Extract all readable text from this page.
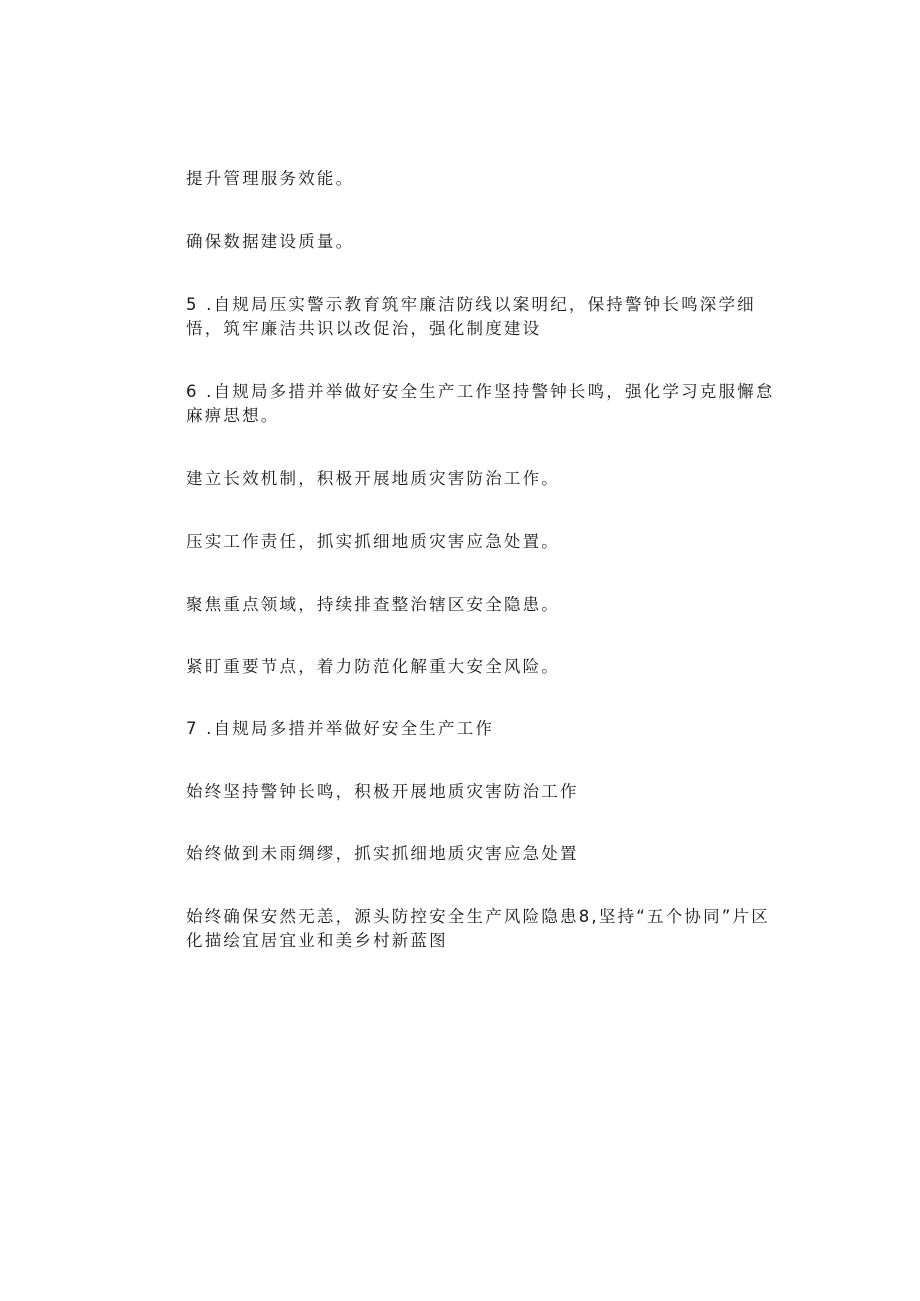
提升管理服务效能。

确保数据建设质量。

5 .自规局压实警示教育筑牢廉洁防线以案明纪，保持警钟长鸣深学细悟，筑牢廉洁共识以改促治，强化制度建设

6 .自规局多措并举做好安全生产工作坚持警钟长鸣，强化学习克服懈怠麻痹思想。

建立长效机制，积极开展地质灾害防治工作。

压实工作责任，抓实抓细地质灾害应急处置。

聚焦重点领域，持续排查整治辖区安全隐患。

紧盯重要节点，着力防范化解重大安全风险。

7 .自规局多措并举做好安全生产工作

始终坚持警钟长鸣，积极开展地质灾害防治工作

始终做到未雨绸缪，抓实抓细地质灾害应急处置

始终确保安然无恙，源头防控安全生产风险隐患8,坚持“五个协同”片区化描绘宜居宜业和美乡村新蓝图
